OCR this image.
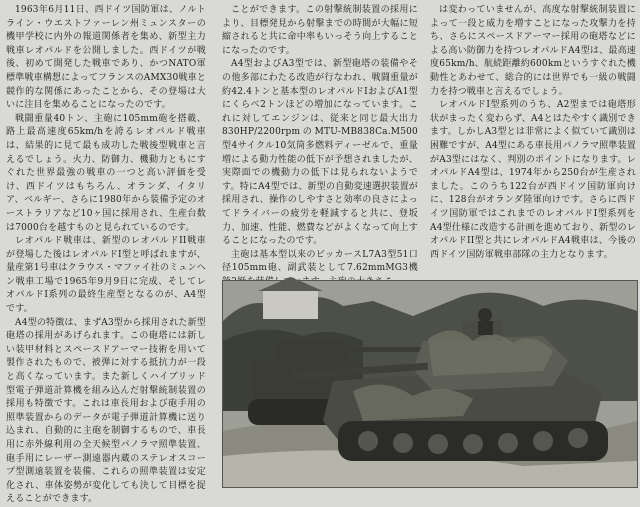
1963年6月11日、西ドイツ国防軍は、ノルトライン・ウエストファーレン州ミュンスターの機甲学校に内外の報道関係者を集め、新型主力戦車レオパルドを公開しました。西ドイツが戦後、初めて開発した戦車であり、かつNATO軍標準戦車構想によってフランスのAMX30戦車と競作的な関係にあったことから、その登場は大いに注目を集めることになったのです。

戦闘重量40トン、主砲に105mm砲を搭載、路上最高速度65km/hを誇るレオパルド戦車は、結果的に見て最も成功した戦後型戦車と言えるでしょう。火力、防御力、機動力ともにすぐれた世界最強の戦車の一つと高い評価を受け、西ドイツはもちろん、オランダ、イタリア、ベルギー、さらに1980年から装備予定のオーストラリアなど10ヶ国に採用され、生産台数は7000台を越すものと見られているのです。

レオパルド戦車は、新型のレオパルドII戦車が登場した後はレオパルドI型と呼ばれますが、量産第1号車はクラウス・マファイ社のミュンヘン戦車工場で1965年9月9日に完成、そしてレオパルドI系列の最終生産型となるのが、A4型です。

A4型の特徴は、まずA3型から採用された新型砲塔の採用があげられます。この砲塔には新しい装甲材料とスペースドアーマー技術を用いて製作されたもので、被弾に対する抵抗力が一段と高くなっています。また新しくハイブリッド型電子弾道計算機を組み込んだ射撃統制装置の採用も特徴です。これは車長用および砲手用の照準装置からのデータが電子弾道計算機に送り込まれ、自動的に主砲を制御するもので、車長用に赤外線利用の全天候型パノラマ照準装置、砲手用にレーザー測遠器内蔵のステレオスコープ型測遠装置を装備、これらの照準装置は安定化され、車体姿勢が変化しても決して目標を捉えることができます。

ことができます。この射撃統制装置の採用により、目標発見から射撃までの時間が大幅に短縮されると共に命中率もいっそう向上することになったのです。

A4型およびA3型では、新型砲塔の装備やその他多部にわたる改造が行なわれ、戦闘重量が約42.4トンと基本型のレオパルドIおよびA1型にくらべ2トンほどの増加になっています。これに対してエンジンは、従来と同じ最大出力830HP/2200rpmのMTU-MB838Ca.M500型4サイクル10気筒多燃料ディーゼルで、重量増による動力性能の低下が予想されましたが、実際面での機動力の低下は見られないようです。特にA4型では、新型の自動変速選択装置が採用され、操作のしやすさと効率の良さによってドライバーの疲労を軽減すると共に、登坂力、加速、性能、燃費などがよくなって向上することになったのです。

主砲は基本型以来のビッカースL7A3型51口径105mm砲、副武装として7.62mmMG3機

は変わっていませんが、高度な射撃統制装置によって一段と威力を増すことになった攻撃力を持ち、さらにスペースドアーマー採用の砲塔などによる高い防御力を持つレオパルドA4型は、最高速度65km/h、航続距離約600kmというすぐれた機動性とあわせて、総合的には世界でも一級の戦闘力を持つ戦車と言えるでしょう。

レオパルドI型系列のうち、A2型までは砲塔形状がまったく変わらず、A4とはたやすく識別できます。しかしA3型とは非常によく似ていて識別は困難ですが、A4型にある車長用パノラマ照準装置がA3型にはなく、判別のポイントになります。レオパルドA4型は、1974年から250台が生産されました。このうち122台が西ドイツ国防軍向けに、128台がオランダ陸軍向けです。さらに西ドイツ国防軍ではこれまでのレオパルドI型系列をA4型仕様に改造する計画を進めており、新型のレオパルドII型と共にレオパルドA4戦車は、今後の西ドイツ国防軍戦車部隊の主力となります。
